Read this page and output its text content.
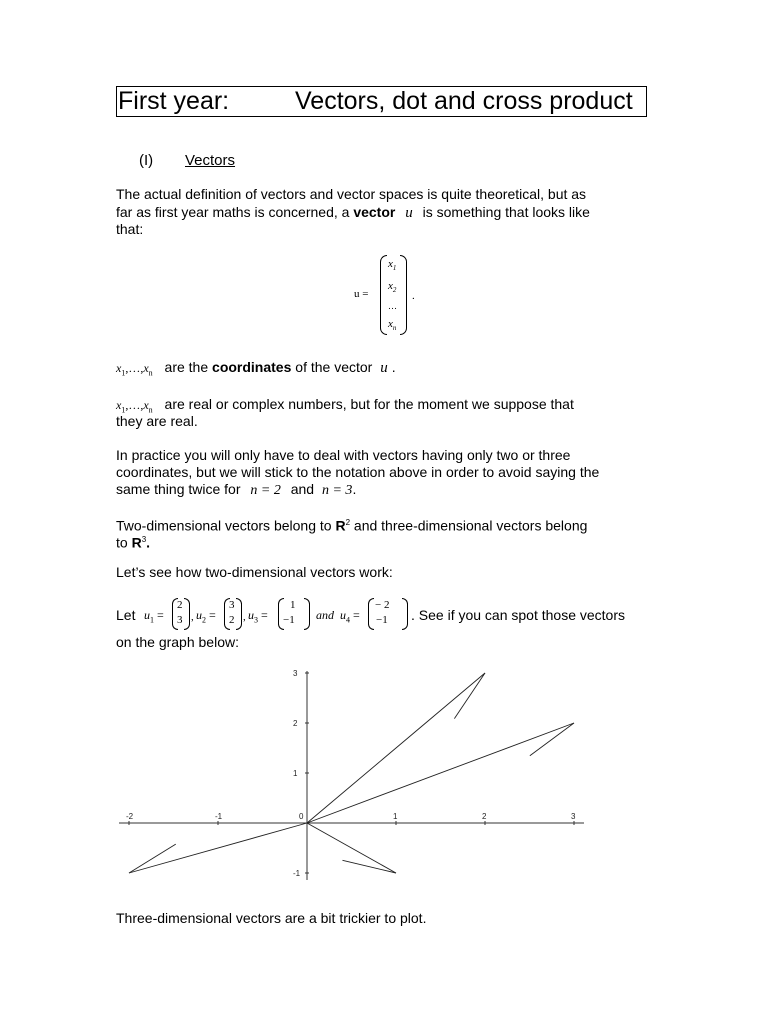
First year:	Vectors, dot and cross product
(I) Vectors
The actual definition of vectors and vector spaces is quite theoretical, but as
far as first year maths is concerned, a vector u is something that looks like
that:
u =
$x_1$
$x_2$
…
$x_n$
.
$x_1,\dots,x_n$ are the coordinates of the vector u .
$x_1,\dots,x_n$ are real or complex numbers, but for the moment we suppose that
they are real.
In practice you will only have to deal with vectors having only two or three
coordinates, but we will stick to the notation above in order to avoid saying the
same thing twice for n = 2 and n = 3.
Two-dimensional vectors belong to $R^2$ and three-dimensional vectors belong
to $R^3$.
Let’s see how two-dimensional vectors work:
Let $u_1$ =
2
3 , $u_2$ =
3
2 , $u_3$ =
1
−1 and $u_4$ =
− 2
−1 . See if you can spot those vectors
on the graph below:
-2	-1	0	1	2	3
-1
1
2
3
Three-dimensional vectors are a bit trickier to plot.
